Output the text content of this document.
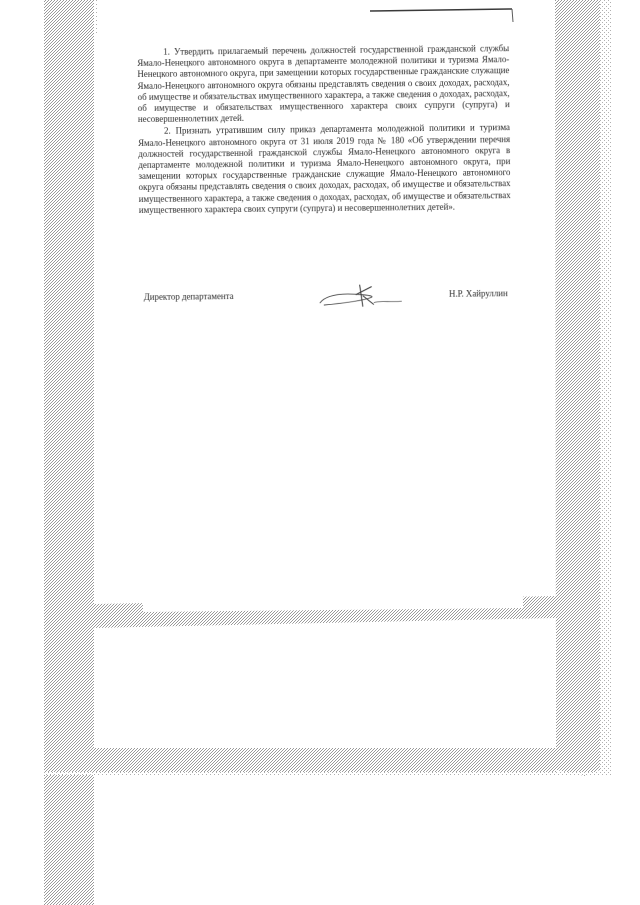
1. Утвердить прилагаемый перечень должностей государственной гражданской службы Ямало-Ненецкого автономного округа в департаменте молодежной политики и туризма Ямало-Ненецкого автономного округа, при замещении которых государственные гражданские служащие Ямало-Ненецкого автономного округа обязаны представлять сведения о своих доходах, расходах, об имуществе и обязательствах имущественного характера, а также сведения о доходах, расходах, об имуществе и обязательствах имущественного характера своих супруги (супруга) и несовершеннолетних детей.

2. Признать утратившим силу приказ департамента молодежной политики и туризма Ямало-Ненецкого автономного округа от 31 июля 2019 года № 180 «Об утверждении перечня должностей государственной гражданской службы Ямало-Ненецкого автономного округа в департаменте молодежной политики и туризма Ямало-Ненецкого автономного округа, при замещении которых государственные гражданские служащие Ямало-Ненецкого автономного округа обязаны представлять сведения о своих доходах, расходах, об имуществе и обязательствах имущественного характера, а также сведения о доходах, расходах, об имуществе и обязательствах имущественного характера своих супруги (супруга) и несовершеннолетних детей».

Директор департамента	Н.Р. Хайруллин
